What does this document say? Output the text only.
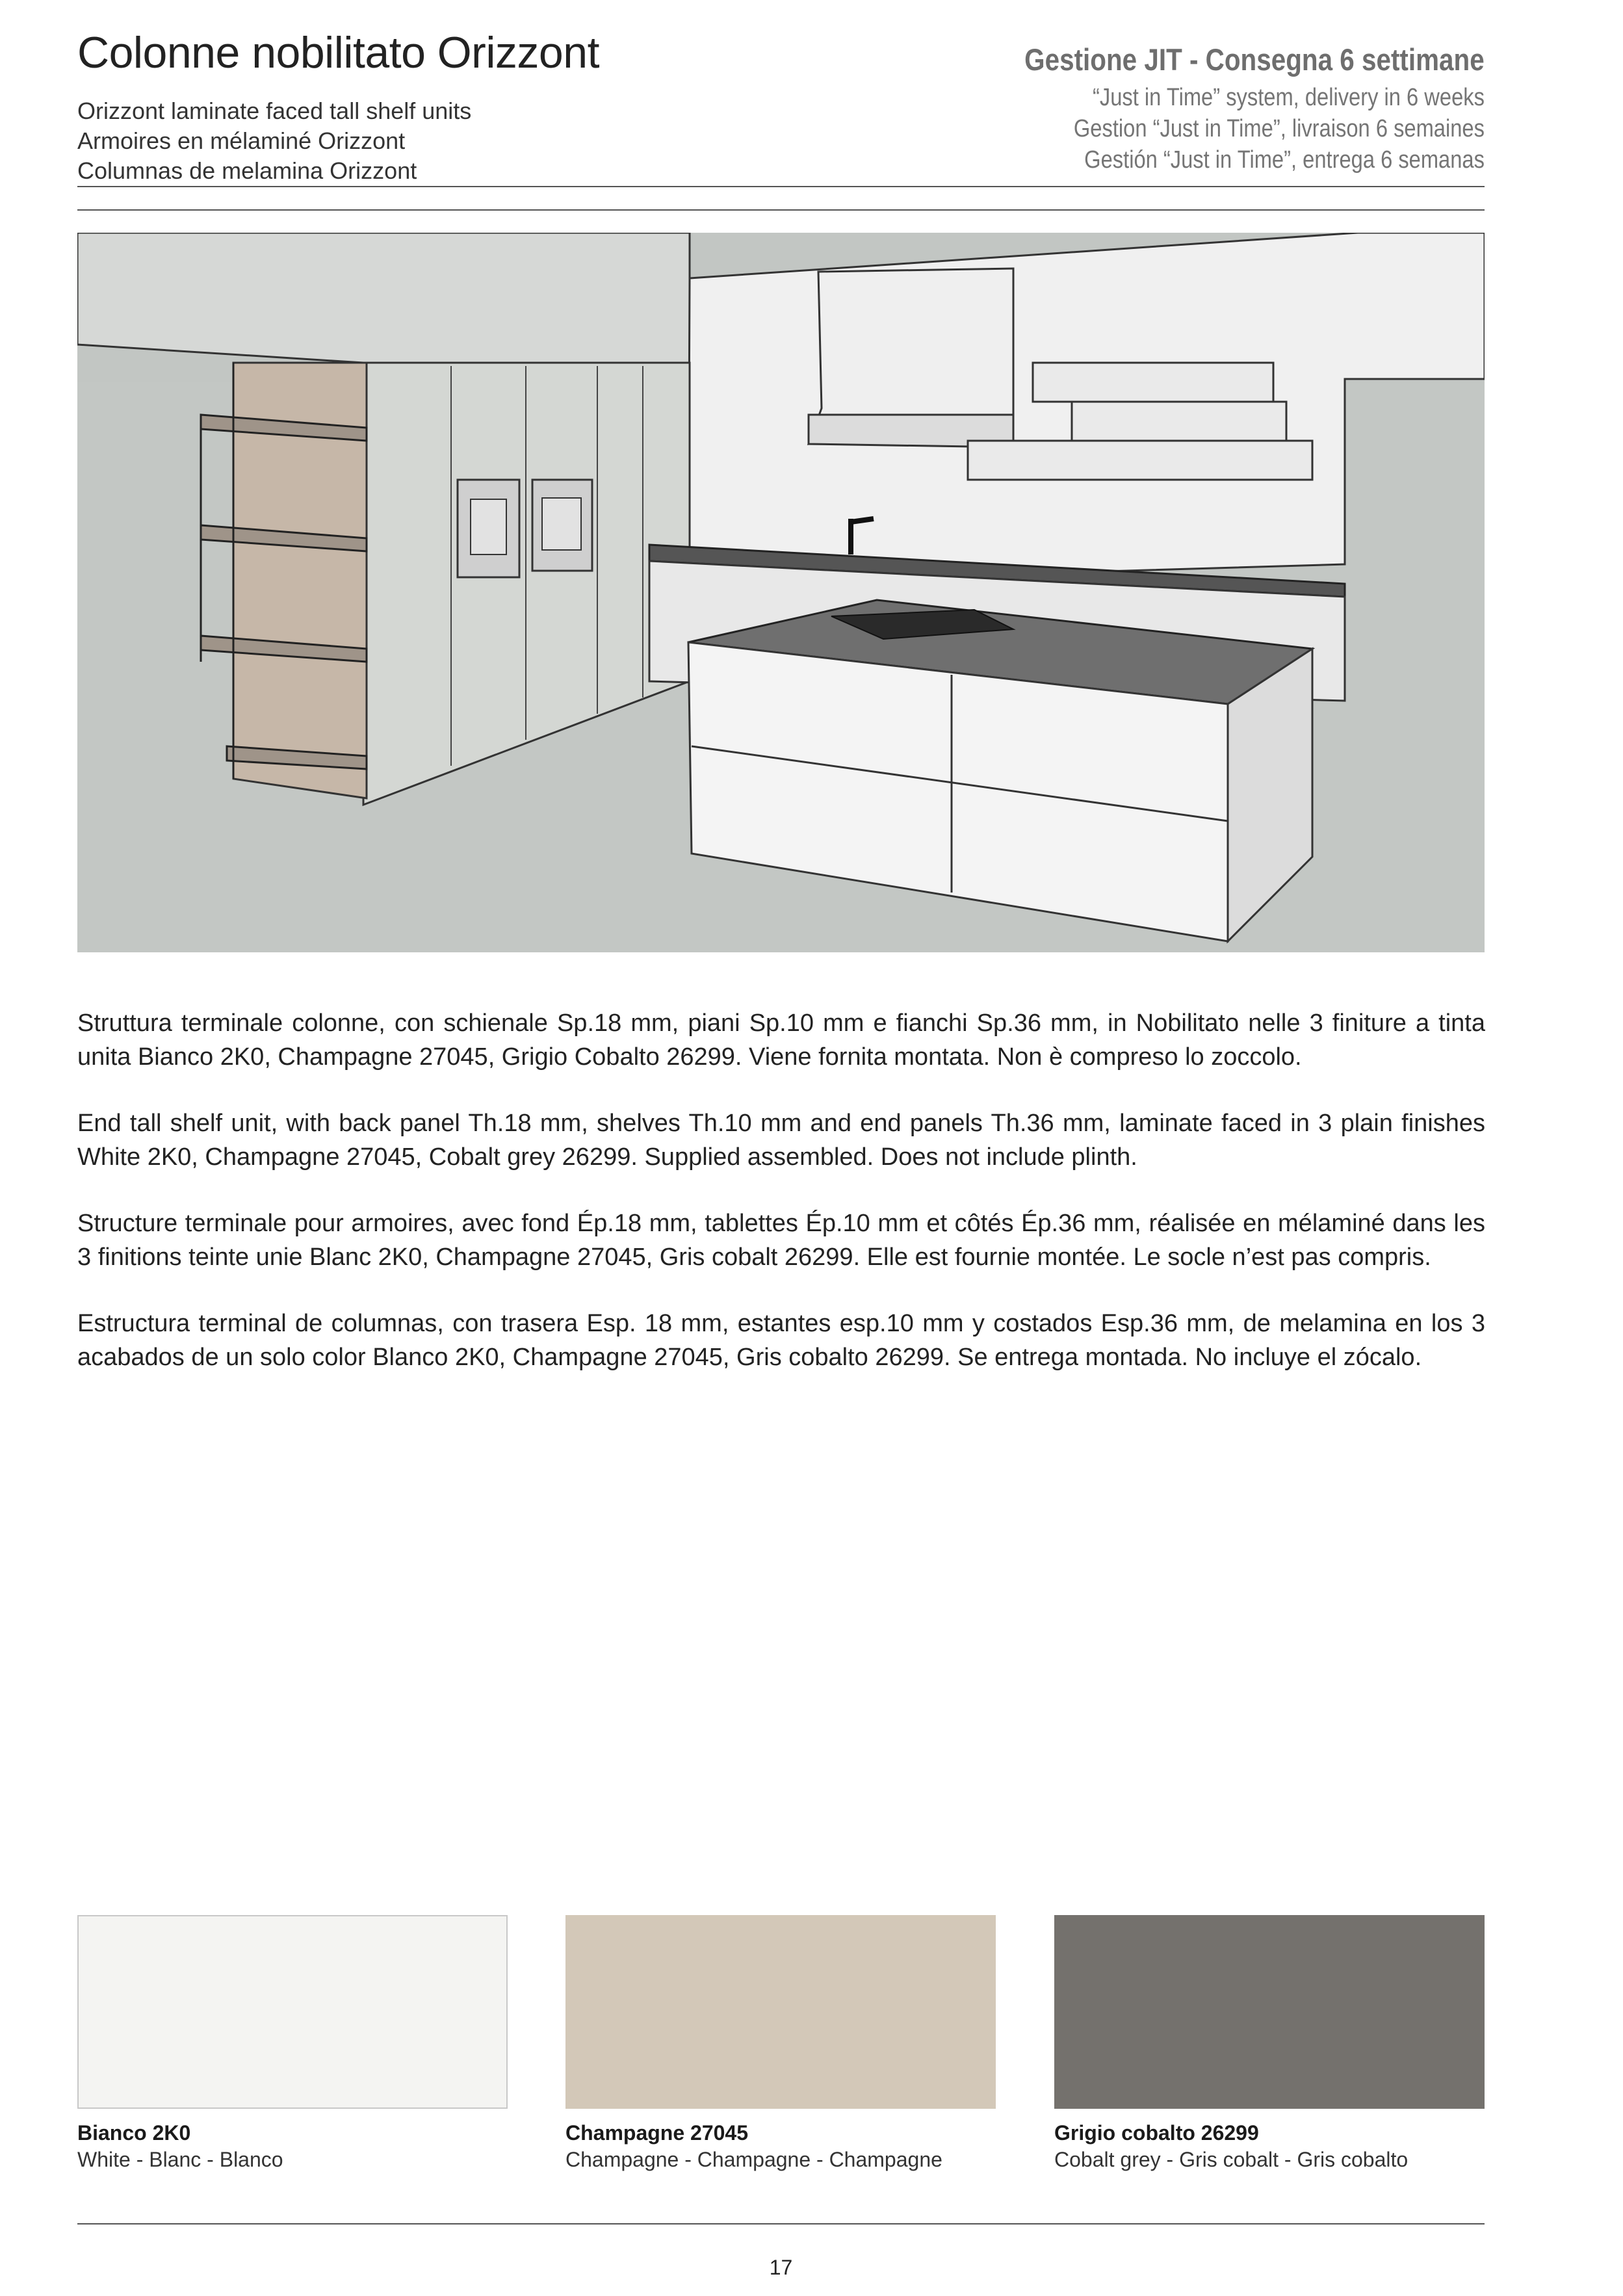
Colonne nobilitato Orizzont
Orizzont laminate faced tall shelf units
Armoires en mélaminé Orizzont
Columnas de melamina Orizzont
Gestione JIT - Consegna 6 settimane
“Just in Time” system, delivery in 6 weeks
Gestion “Just in Time”, livraison 6 semaines
Gestión “Just in Time”, entrega 6 semanas

Struttura terminale colonne, con schienale Sp.18 mm, piani Sp.10 mm e fianchi Sp.36 mm, in Nobilitato nelle 3 finiture a tinta unita Bianco 2K0, Champagne 27045, Grigio Cobalto 26299. Viene fornita montata. Non è compreso lo zoccolo.

End tall shelf unit, with back panel Th.18 mm, shelves Th.10 mm and end panels Th.36 mm, laminate faced in 3 plain finishes White 2K0, Champagne 27045, Cobalt grey 26299. Supplied assembled. Does not include plinth.

Structure terminale pour armoires, avec fond Ép.18 mm, tablettes Ép.10 mm et côtés Ép.36 mm, réalisée en mélaminé dans les 3 finitions teinte unie Blanc 2K0, Champagne 27045, Gris cobalt 26299. Elle est fournie montée. Le socle n’est pas compris.

Estructura terminal de columnas, con trasera Esp. 18 mm, estantes esp.10 mm y costados Esp.36 mm, de melamina en los 3 acabados de un solo color Blanco 2K0, Champagne 27045, Gris cobalto 26299. Se entrega montada. No incluye el zócalo.

Bianco 2K0
White - Blanc - Blanco
Champagne 27045
Champagne - Champagne - Champagne
Grigio cobalto 26299
Cobalt grey - Gris cobalt - Gris cobalto
17
